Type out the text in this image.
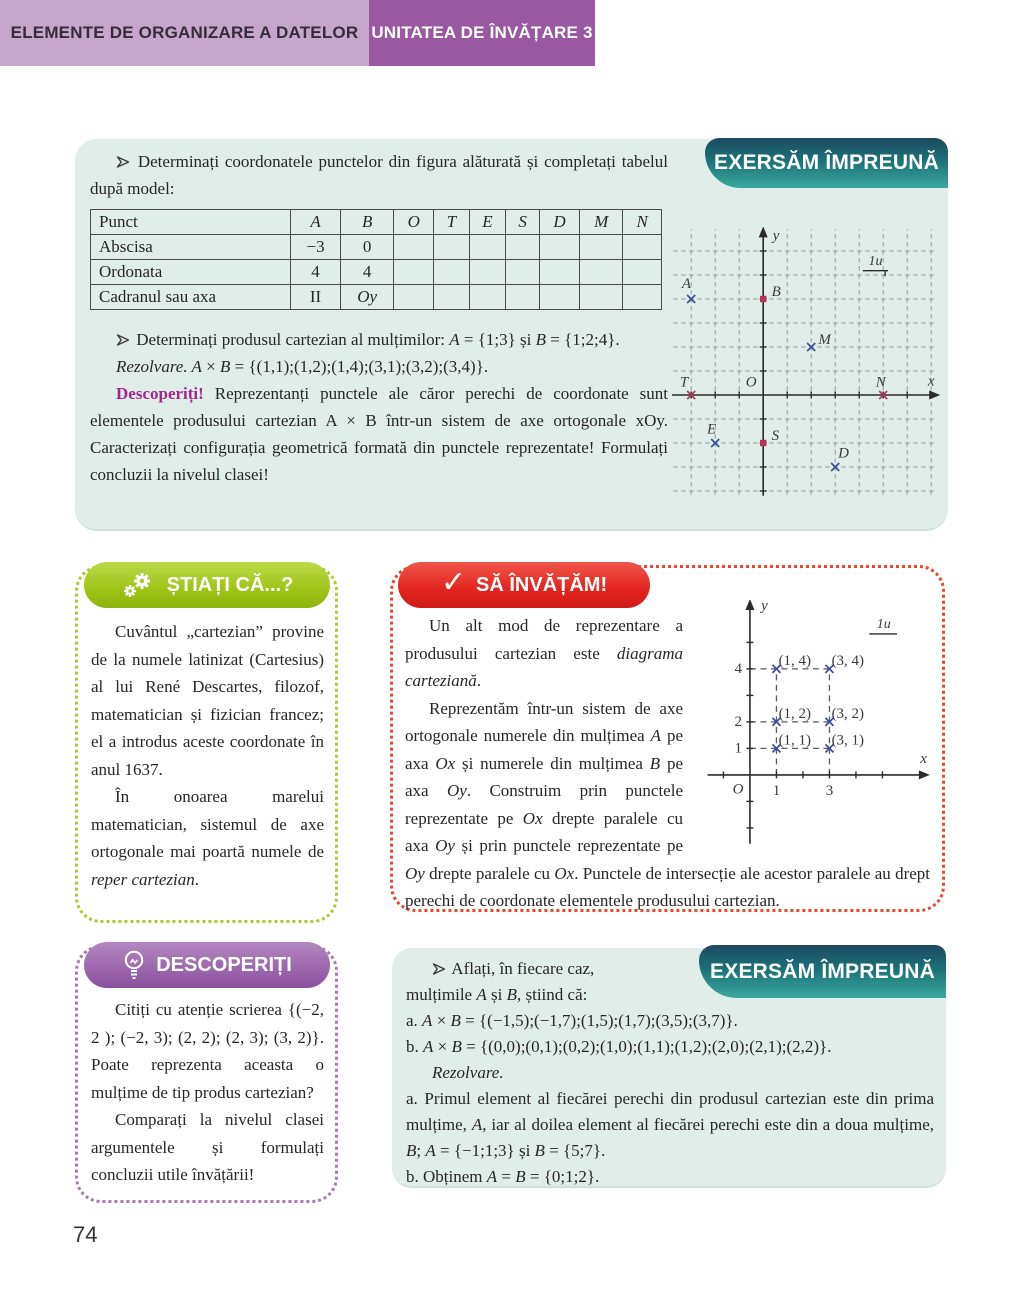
ELEMENTE DE ORGANIZARE A DATELOR UNITATEA DE ÎNVĂȚARE 3
EXERSĂM ÎMPREUNĂ

Determinați coordonatele punctelor din figura alăturată și completați tabelul după model:

Punct	A	B	O	T	E	S	D	M	N
Abscisa	−3	0							
Ordonata	4	4							
Cadranul sau axa	II	Oy							

Determinați produsul cartezian al mulțimilor: A = {1;3} și B = {1;2;4}.

Rezolvare. A × B = {(1,1);(1,2);(1,4);(3,1);(3,2);(3,4)}.

Descoperiți! Reprezentanți punctele ale căror perechi de coordonate sunt elementele produsului cartezian A × B într-un sistem de axe ortogonale xOy. Caracterizați configurația geometrică formată din punctele reprezentate! Formulați concluzii la nivelul clasei!

A	B
M
T	O	N
E	S
D
x
y
1u
ȘTIAȚI CĂ...?

Cuvântul „cartezian” provine de la numele latinizat (Cartesius) al lui René Descartes, filozof, matematician și fizician francez; el a introdus aceste coordonate în anul 1637.

În onoarea marelui matematician, sistemul de axe ortogonale mai poartă numele de reper cartezian.

✓ SĂ ÎNVĂȚĂM!
(1, 4) (3, 4)
(1, 2) (3, 2)
(1, 1) (3, 1)
4
2
1
1	3
O
x
y
1u

Un alt mod de reprezentare a produsului cartezian este diagrama carteziană.

Reprezentăm într-un sistem de axe ortogonale numerele din mulțimea A pe axa Ox și numerele din mulțimea B pe axa Oy. Construim prin punctele reprezentate pe Ox drepte paralele cu axa Oy și prin punctele reprezentate pe Oy drepte paralele cu Ox. Punctele de intersecție ale acestor paralele au drept perechi de coordonate elementele produsului cartezian.

DESCOPERIȚI

Citiți cu atenție scrierea {(−2, 2 ); (−2, 3); (2, 2); (2, 3); (3, 2)}. Poate reprezenta aceasta o mulțime de tip produs cartezian?

Comparați la nivelul clasei argumentele și formulați concluzii utile învățării!

EXERSĂM ÎMPREUNĂ

Aflați, în fiecare caz, mulțimile A și B, știind că:

a. A × B = {(−1,5);(−1,7);(1,5);(1,7);(3,5);(3,7)}.

b. A × B = {(0,0);(0,1);(0,2);(1,0);(1,1);(1,2);(2,0);(2,1);(2,2)}.

Rezolvare.

a. Primul element al fiecărei perechi din produsul cartezian este din prima mulțime, A, iar al doilea element al fiecărei perechi este din a doua mulțime, B; A = {−1;1;3} și B = {5;7}.

b. Obținem A = B = {0;1;2}.

74
